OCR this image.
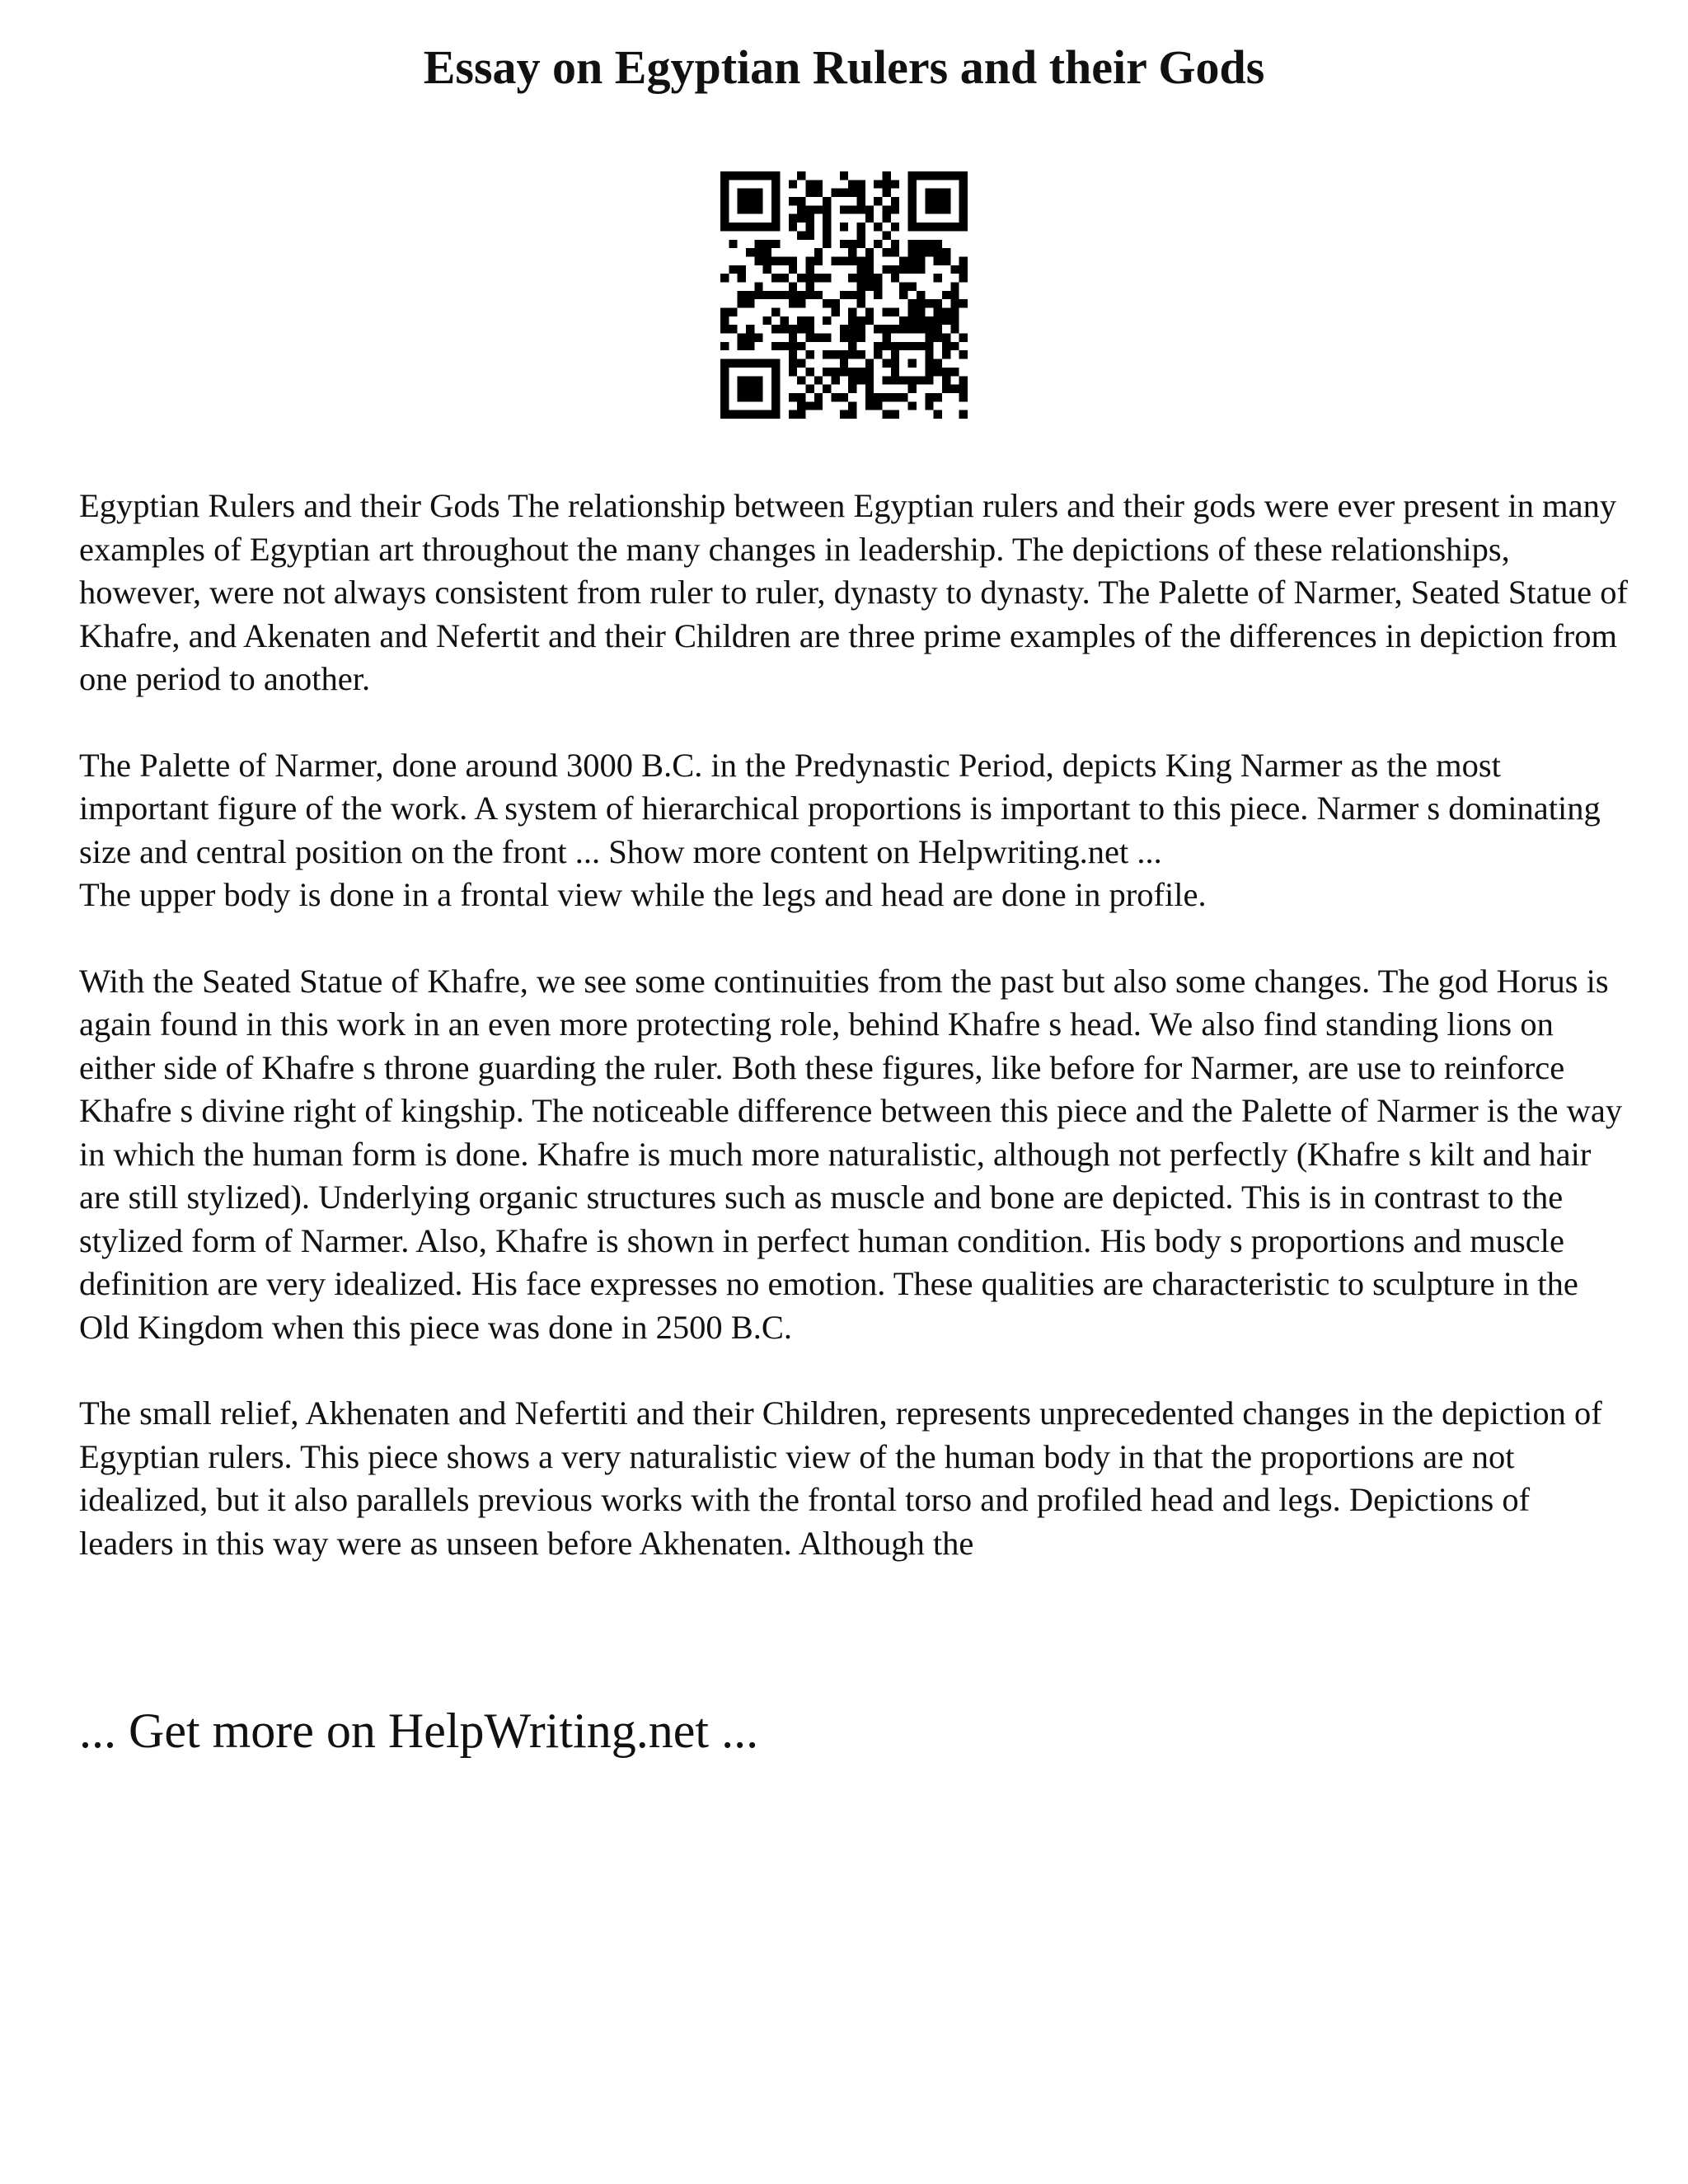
Essay on Egyptian Rulers and their Gods

Egyptian Rulers and their Gods The relationship between Egyptian rulers and their gods were ever present in many examples of Egyptian art throughout the many changes in leadership. The depictions of these relationships, however, were not always consistent from ruler to ruler, dynasty to dynasty. The Palette of Narmer, Seated Statue of Khafre, and Akenaten and Nefertit and their Children are three prime examples of the differences in depiction from one period to another.

The Palette of Narmer, done around 3000 B.C. in the Predynastic Period, depicts King Narmer as the most important figure of the work. A system of hierarchical proportions is important to this piece. Narmer s dominating size and central position on the front ... Show more content on Helpwriting.net ...

The upper body is done in a frontal view while the legs and head are done in profile.

With the Seated Statue of Khafre, we see some continuities from the past but also some changes. The god Horus is again found in this work in an even more protecting role, behind Khafre s head. We also find standing lions on either side of Khafre s throne guarding the ruler. Both these figures, like before for Narmer, are use to reinforce Khafre s divine right of kingship. The noticeable difference between this piece and the Palette of Narmer is the way in which the human form is done. Khafre is much more naturalistic, although not perfectly (Khafre s kilt and hair are still stylized). Underlying organic structures such as muscle and bone are depicted. This is in contrast to the stylized form of Narmer. Also, Khafre is shown in perfect human condition. His body s proportions and muscle definition are very idealized. His face expresses no emotion. These qualities are characteristic to sculpture in the Old Kingdom when this piece was done in 2500 B.C.

The small relief, Akhenaten and Nefertiti and their Children, represents unprecedented changes in the depiction of Egyptian rulers. This piece shows a very naturalistic view of the human body in that the proportions are not idealized, but it also parallels previous works with the frontal torso and profiled head and legs. Depictions of leaders in this way were as unseen before Akhenaten. Although the

... Get more on HelpWriting.net ...
